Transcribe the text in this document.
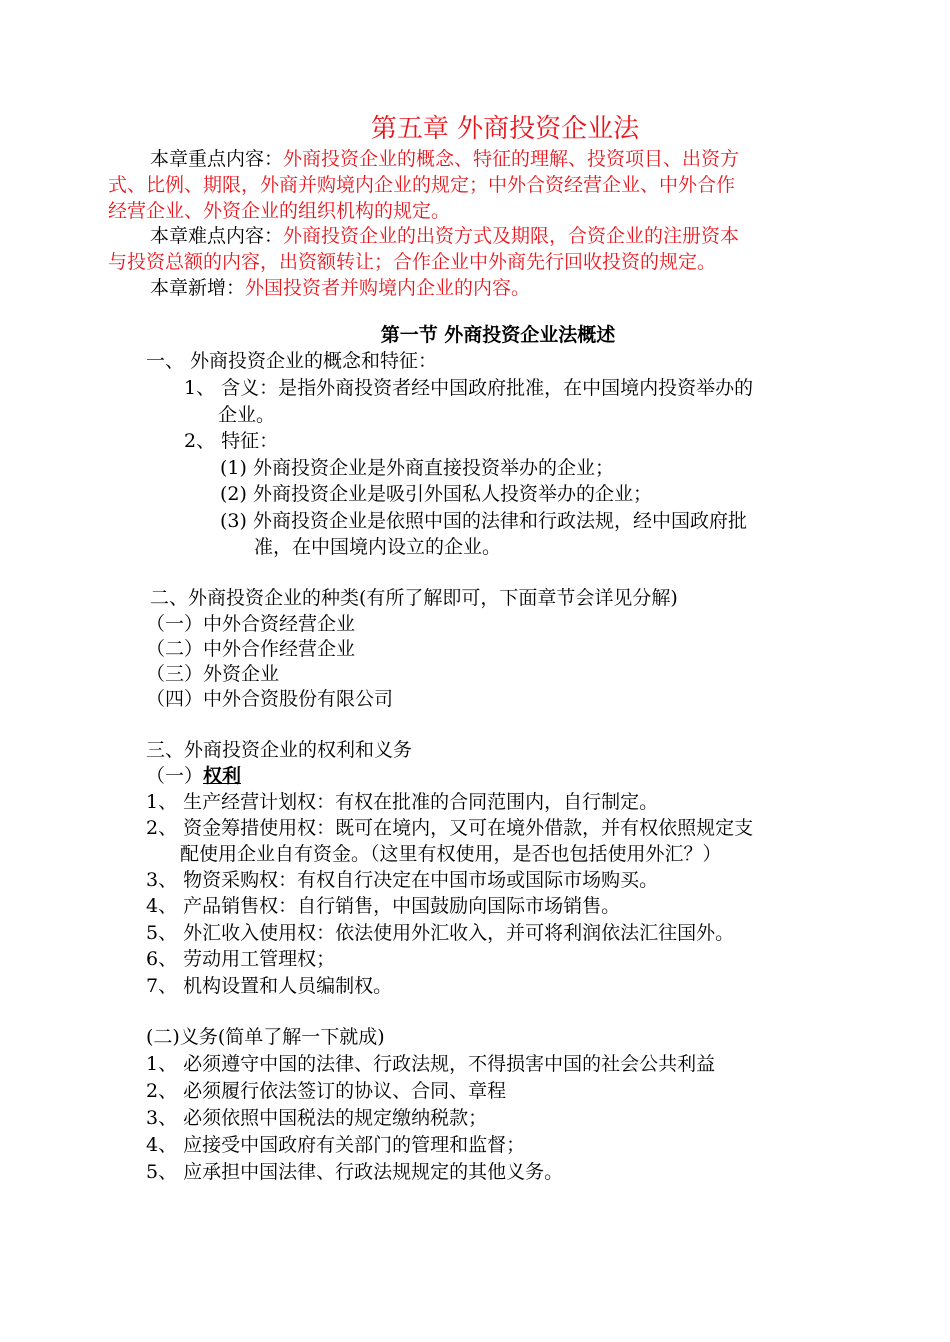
第五章 外商投资企业法
本章重点内容：外商投资企业的概念、特征的理解、投资项目、出资方
式、比例、期限，外商并购境内企业的规定；中外合资经营企业、中外合作
经营企业、外资企业的组织机构的规定。
本章难点内容：外商投资企业的出资方式及期限，合资企业的注册资本
与投资总额的内容，出资额转让；合作企业中外商先行回收投资的规定。
本章新增：外国投资者并购境内企业的内容。
第一节 外商投资企业法概述
一、 外商投资企业的概念和特征：
1、 含义：是指外商投资者经中国政府批准，在中国境内投资举办的
企业。
2、 特征：
(1) 外商投资企业是外商直接投资举办的企业；
(2) 外商投资企业是吸引外国私人投资举办的企业；
(3) 外商投资企业是依照中国的法律和行政法规，经中国政府批
准，在中国境内设立的企业。
二、外商投资企业的种类(有所了解即可，下面章节会详见分解)
（一）中外合资经营企业
（二）中外合作经营企业
（三）外资企业
（四）中外合资股份有限公司
三、外商投资企业的权利和义务
（一）权利
1、 生产经营计划权：有权在批准的合同范围内，自行制定。
2、 资金筹措使用权：既可在境内，又可在境外借款，并有权依照规定支
配使用企业自有资金。（这里有权使用，是否也包括使用外汇？）
3、 物资采购权：有权自行决定在中国市场或国际市场购买。
4、 产品销售权：自行销售，中国鼓励向国际市场销售。
5、 外汇收入使用权：依法使用外汇收入，并可将利润依法汇往国外。
6、 劳动用工管理权；
7、 机构设置和人员编制权。
(二)义务(简单了解一下就成)
1、 必须遵守中国的法律、行政法规，不得损害中国的社会公共利益
2、 必须履行依法签订的协议、合同、章程
3、 必须依照中国税法的规定缴纳税款；
4、 应接受中国政府有关部门的管理和监督；
5、 应承担中国法律、行政法规规定的其他义务。
